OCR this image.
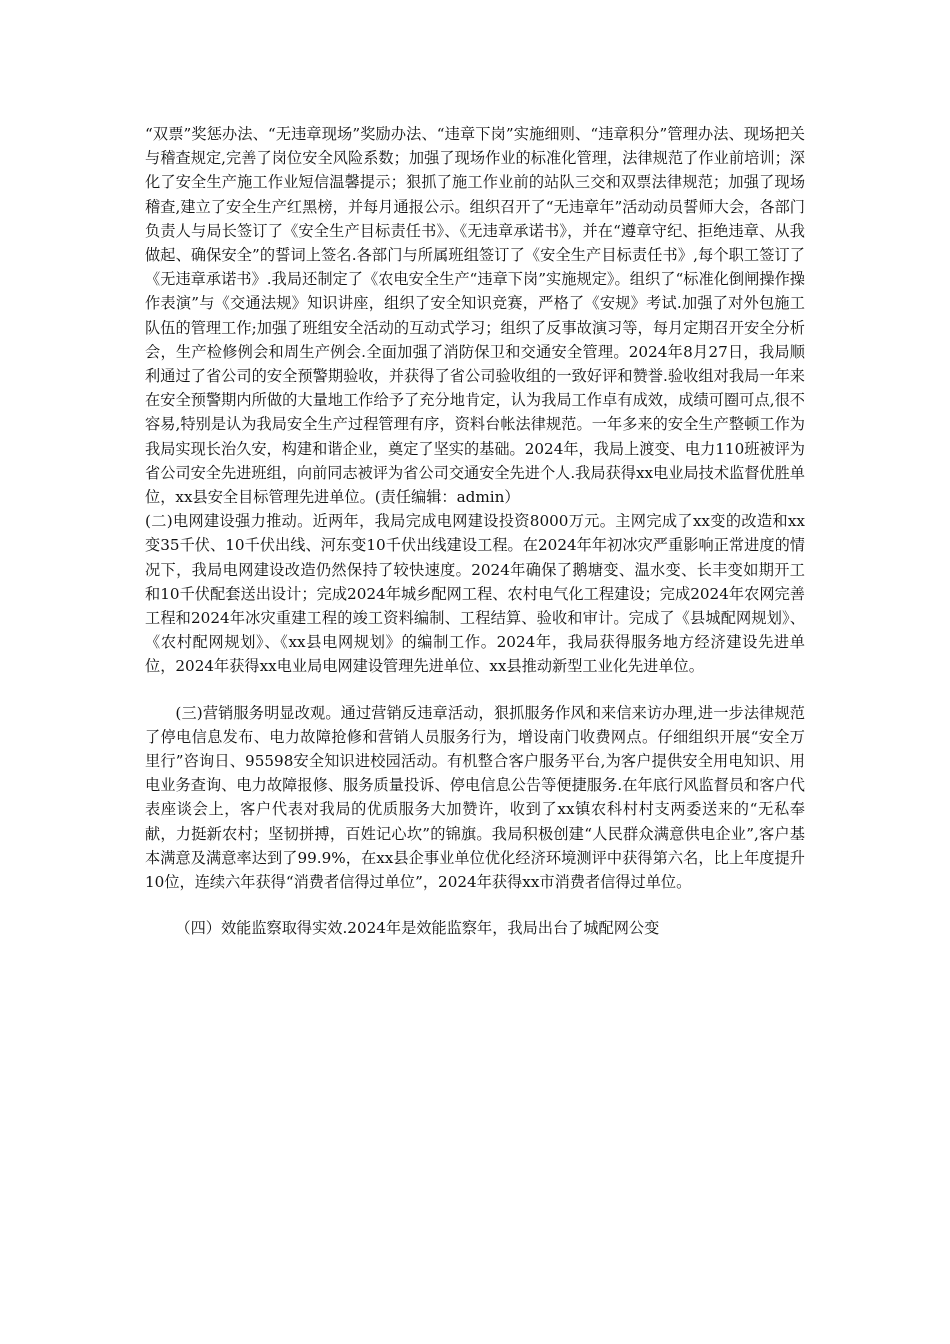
“双票”奖惩办法、“无违章现场”奖励办法、“违章下岗”实施细则、“违章积分”管理办法、现场把关与稽查规定,完善了岗位安全风险系数；加强了现场作业的标准化管理，法律规范了作业前培训；深化了安全生产施工作业短信温馨提示；狠抓了施工作业前的站队三交和双票法律规范；加强了现场稽查,建立了安全生产红黑榜，并每月通报公示。组织召开了“无违章年”活动动员誓师大会，各部门负责人与局长签订了《安全生产目标责任书》、《无违章承诺书》，并在“遵章守纪、拒绝违章、从我做起、确保安全”的誓词上签名.各部门与所属班组签订了《安全生产目标责任书》,每个职工签订了《无违章承诺书》.我局还制定了《农电安全生产“违章下岗”实施规定》。组织了“标准化倒闸操作操作表演”与《交通法规》知识讲座，组织了安全知识竞赛，严格了《安规》考试.加强了对外包施工队伍的管理工作;加强了班组安全活动的互动式学习；组织了反事故演习等，每月定期召开安全分析会，生产检修例会和周生产例会.全面加强了消防保卫和交通安全管理。2024年8月27日，我局顺利通过了省公司的安全预警期验收，并获得了省公司验收组的一致好评和赞誉.验收组对我局一年来在安全预警期内所做的大量地工作给予了充分地肯定，认为我局工作卓有成效，成绩可圈可点,很不容易,特别是认为我局安全生产过程管理有序，资料台帐法律规范。一年多来的安全生产整顿工作为我局实现长治久安，构建和谐企业，奠定了坚实的基础。2024年，我局上渡变、电力110班被评为省公司安全先进班组，向前同志被评为省公司交通安全先进个人.我局获得xx电业局技术监督优胜单位，xx县安全目标管理先进单位。(责任编辑：admin）

(二)电网建设强力推动。近两年，我局完成电网建设投资8000万元。主网完成了xx变的改造和xx变35千伏、10千伏出线、河东变10千伏出线建设工程。在2024年年初冰灾严重影响正常进度的情况下，我局电网建设改造仍然保持了较快速度。2024年确保了鹅塘变、温水变、长丰变如期开工和10千伏配套送出设计；完成2024年城乡配网工程、农村电气化工程建设；完成2024年农网完善工程和2024年冰灾重建工程的竣工资料编制、工程结算、验收和审计。完成了《县城配网规划》、《农村配网规划》、《xx县电网规划》的编制工作。2024年，我局获得服务地方经济建设先进单位，2024年获得xx电业局电网建设管理先进单位、xx县推动新型工业化先进单位。

(三)营销服务明显改观。通过营销反违章活动，狠抓服务作风和来信来访办理,进一步法律规范了停电信息发布、电力故障抢修和营销人员服务行为，增设南门收费网点。仔细组织开展“安全万里行”咨询日、95598安全知识进校园活动。有机整合客户服务平台,为客户提供安全用电知识、用电业务查询、电力故障报修、服务质量投诉、停电信息公告等便捷服务.在年底行风监督员和客户代表座谈会上，客户代表对我局的优质服务大加赞许，收到了xx镇农科村村支两委送来的“无私奉献，力挺新农村；坚韧拼搏，百姓记心坎”的锦旗。我局积极创建“人民群众满意供电企业”,客户基本满意及满意率达到了99.9%，在xx县企事业单位优化经济环境测评中获得第六名，比上年度提升10位，连续六年获得“消费者信得过单位”，2024年获得xx市消费者信得过单位。

（四）效能监察取得实效.2024年是效能监察年，我局出台了城配网公变
